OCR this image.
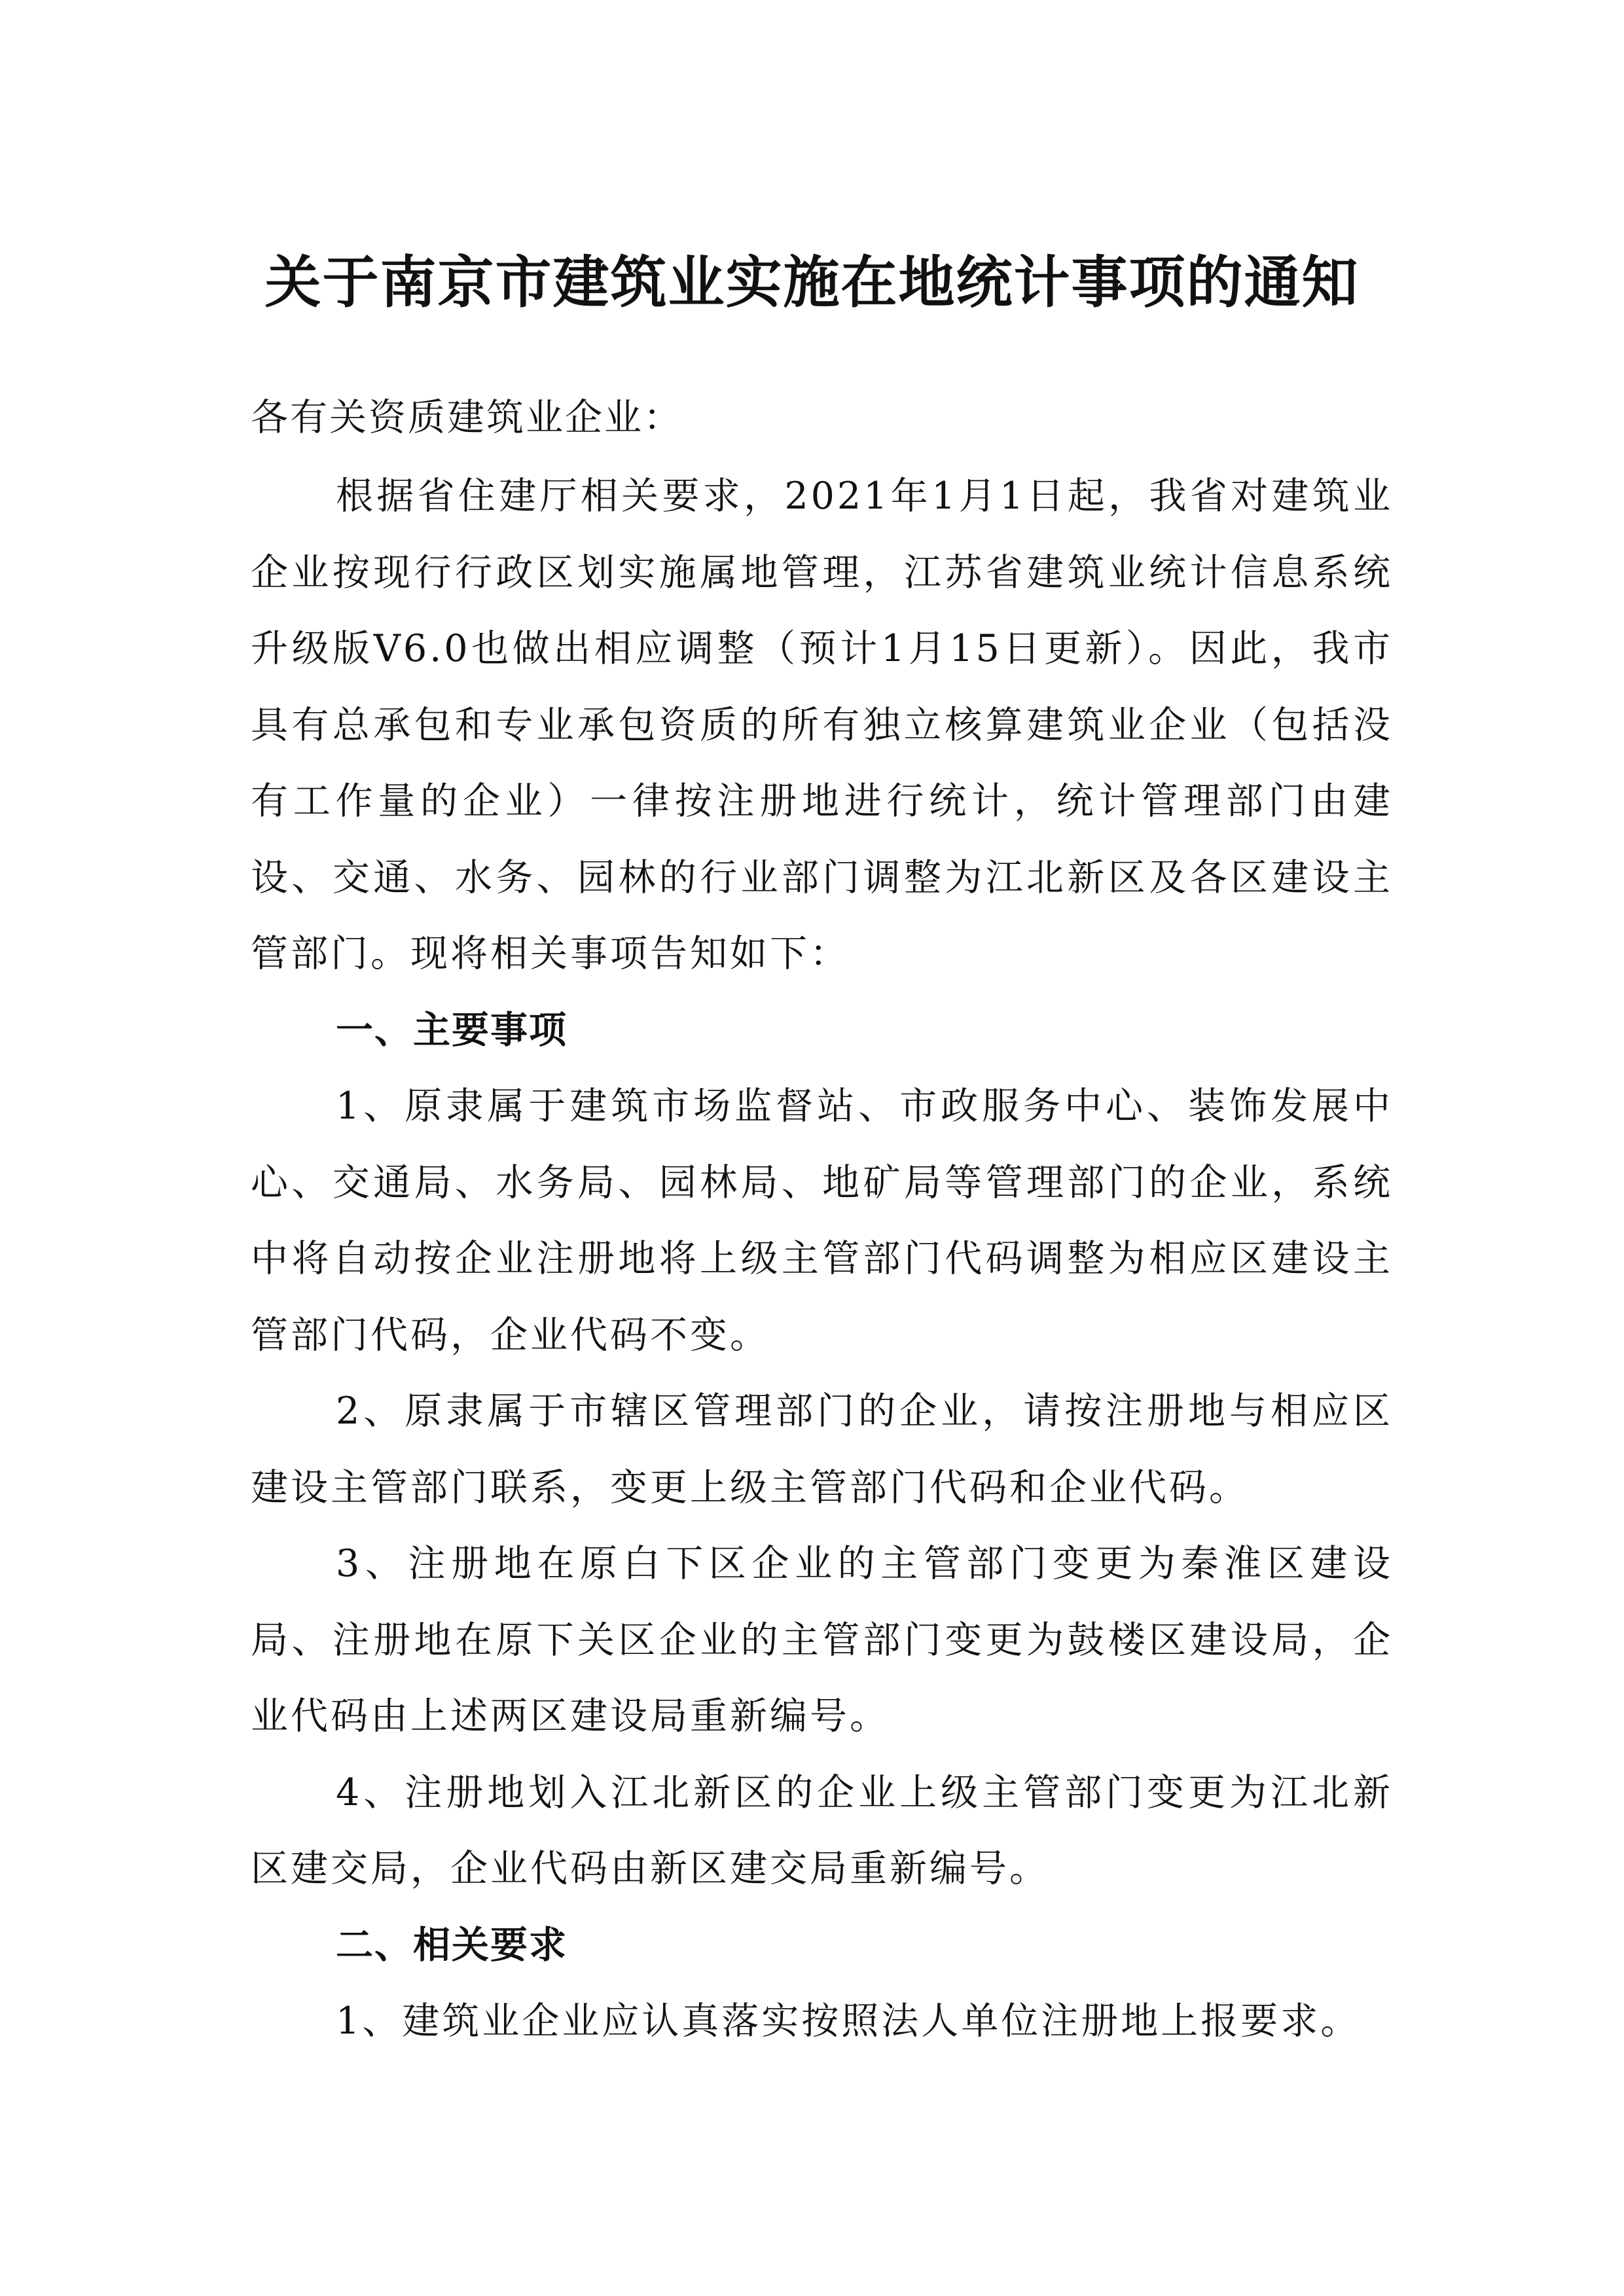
关于南京市建筑业实施在地统计事项的通知
各有关资质建筑业企业：

根据省住建厅相关要求，2021年1月1日起，我省对建筑业企业按现行行政区划实施属地管理，江苏省建筑业统计信息系统升级版V6.0也做出相应调整（预计1月15日更新）。因此，我市具有总承包和专业承包资质的所有独立核算建筑业企业（包括没有工作量的企业）一律按注册地进行统计，统计管理部门由建设、交通、水务、园林的行业部门调整为江北新区及各区建设主管部门。现将相关事项告知如下：

一、主要事项

1、原隶属于建筑市场监督站、市政服务中心、装饰发展中心、交通局、水务局、园林局、地矿局等管理部门的企业，系统中将自动按企业注册地将上级主管部门代码调整为相应区建设主管部门代码，企业代码不变。

2、原隶属于市辖区管理部门的企业，请按注册地与相应区建设主管部门联系，变更上级主管部门代码和企业代码。

3、注册地在原白下区企业的主管部门变更为秦淮区建设局、注册地在原下关区企业的主管部门变更为鼓楼区建设局，企业代码由上述两区建设局重新编号。

4、注册地划入江北新区的企业上级主管部门变更为江北新区建交局，企业代码由新区建交局重新编号。

二、相关要求

1、建筑业企业应认真落实按照法人单位注册地上报要求。
